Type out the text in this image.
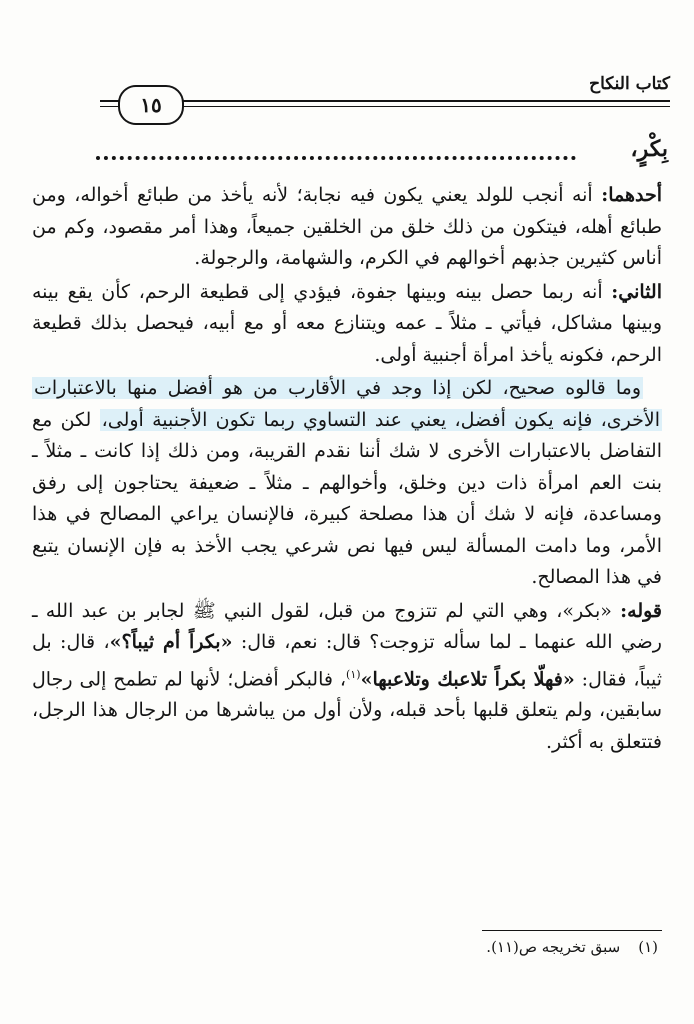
كتاب النكاح
١٥
بِكْرٍ،

أحدهما: أنه أنجب للولد يعني يكون فيه نجابة؛ لأنه يأخذ من طبائع أخواله، ومن طبائع أهله، فيتكون من ذلك خلق من الخلقين جميعاً، وهذا أمر مقصود، وكم من أناس كثيرين جذبهم أخوالهم في الكرم، والشهامة، والرجولة.

الثاني: أنه ربما حصل بينه وبينها جفوة، فيؤدي إلى قطيعة الرحم، كأن يقع بينه وبينها مشاكل، فيأتي ـ مثلاً ـ عمه ويتنازع معه أو مع أبيه، فيحصل بذلك قطيعة الرحم، فكونه يأخذ امرأة أجنبية أولى.

 وما قالوه صحيح، لكن إذا وجد في الأقارب من هو أفضل منها بالاعتبارات الأخرى، فإنه يكون أفضل، يعني عند التساوي ربما تكون الأجنبية أولى، لكن مع التفاضل بالاعتبارات الأخرى لا شك أننا نقدم القريبة، ومن ذلك إذا كانت ـ مثلاً ـ بنت العم امرأة ذات دين وخلق، وأخوالهم ـ مثلاً ـ ضعيفة يحتاجون إلى رفق ومساعدة، فإنه لا شك أن هذا مصلحة كبيرة، فالإنسان يراعي المصالح في هذا الأمر، وما دامت المسألة ليس فيها نص شرعي يجب الأخذ به فإن الإنسان يتبع في هذا المصالح.

قوله: «بكر»، وهي التي لم تتزوج من قبل، لقول النبي ﷺ لجابر بن عبد الله ـ رضي الله عنهما ـ لما سأله تزوجت؟ قال: نعم، قال: «بكراً أم ثيباً؟»، قال: بل ثيباً، فقال: «فهلّا بكراً تلاعبك وتلاعبها»$^{(١)}$، فالبكر أفضل؛ لأنها لم تطمح إلى رجال سابقين، ولم يتعلق قلبها بأحد قبله، ولأن أول من يباشرها من الرجال هذا الرجل، فتتعلق به أكثر.

(١)سبق تخريجه ص(١١).
